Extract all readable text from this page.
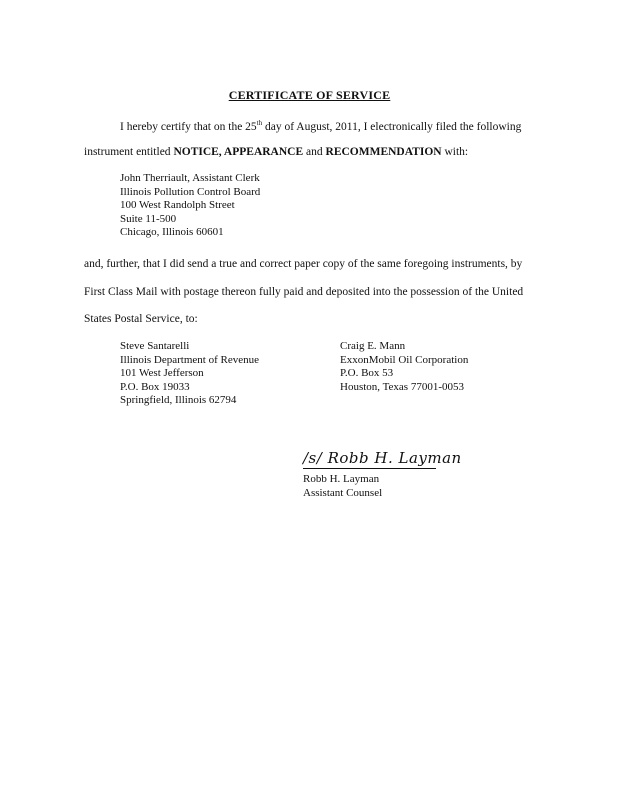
CERTIFICATE OF SERVICE
I hereby certify that on the 25th day of August, 2011, I electronically filed the following
instrument entitled NOTICE, APPEARANCE and RECOMMENDATION with:
John Therriault, Assistant Clerk
Illinois Pollution Control Board
100 West Randolph Street
Suite 11-500
Chicago, Illinois 60601
and, further, that I did send a true and correct paper copy of the same foregoing instruments, by
First Class Mail with postage thereon fully paid and deposited into the possession of the United
States Postal Service, to:
Steve Santarelli
Illinois Department of Revenue
101 West Jefferson
P.O. Box 19033
Springfield, Illinois 62794
Craig E. Mann
ExxonMobil Oil Corporation
P.O. Box 53
Houston, Texas 77001-0053
/s/ Robb H. Layman
Robb H. Layman
Assistant Counsel
